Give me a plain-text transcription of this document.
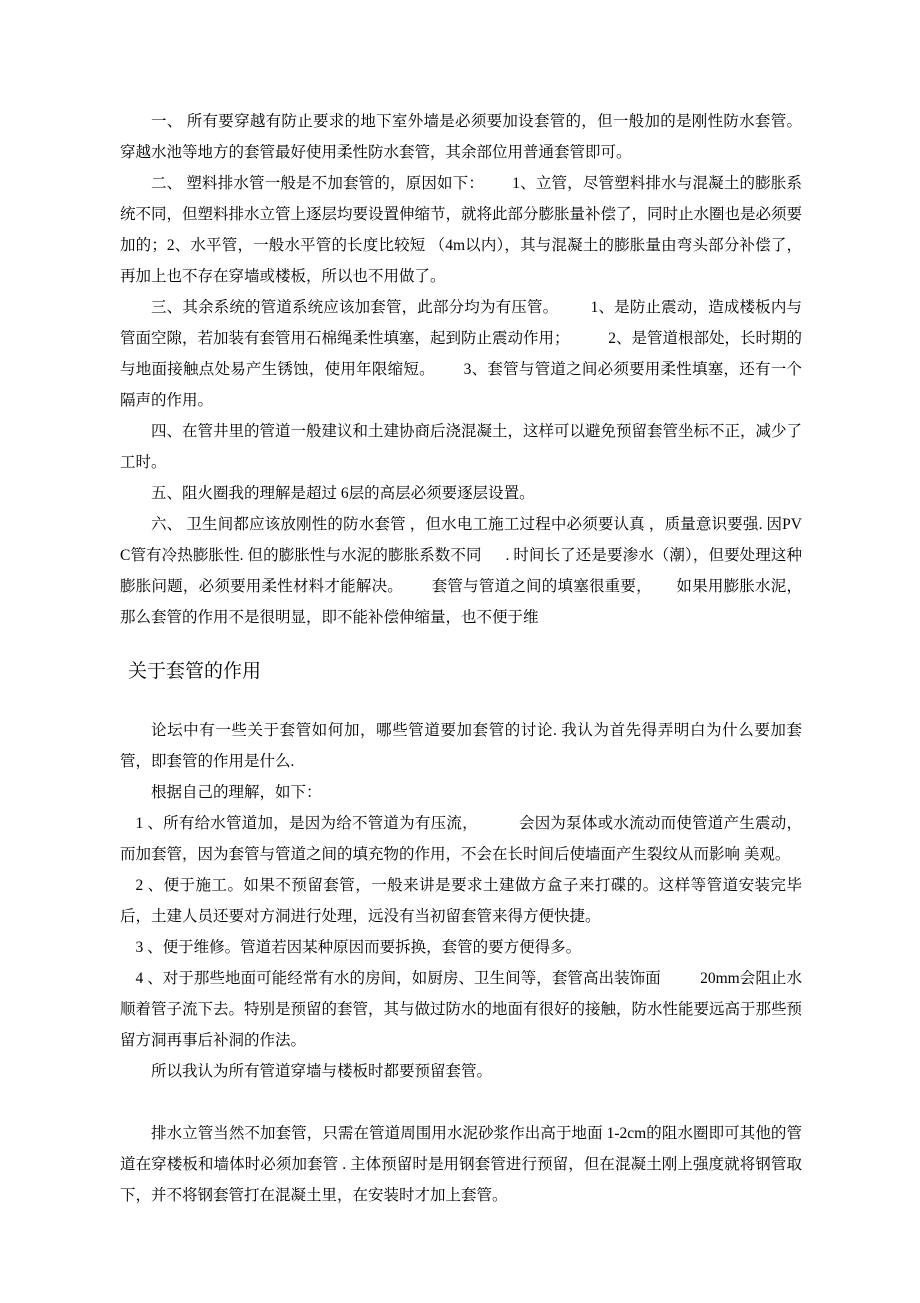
一、 所有要穿越有防止要求的地下室外墙是必须要加设套管的，但一般加的是刚性防水套管。穿越水池等地方的套管最好使用柔性防水套管，其余部位用普通套管即可。

二、 塑料排水管一般是不加套管的，原因如下：       1、立管，尽管塑料排水与混凝土的膨胀系统不同，但塑料排水立管上逐层均要设置伸缩节，就将此部分膨胀量补偿了，同时止水圈也是必须要加的；2、水平管，一般水平管的长度比较短 （4m以内），其与混凝土的膨胀量由弯头部分补偿了，再加上也不存在穿墙或楼板，所以也不用做了。

三、其余系统的管道系统应该加套管，此部分均为有压管。        1、是防止震动，造成楼板内与管面空隙，若加装有套管用石棉绳柔性填塞，起到防止震动作用；          2、是管道根部处，长时期的与地面接触点处易产生锈蚀，使用年限缩短。       3、套管与管道之间必须要用柔性填塞，还有一个隔声的作用。

四、在管井里的管道一般建议和土建协商后浇混凝土，这样可以避免预留套管坐标不正，减少了工时。

五、阻火圈我的理解是超过 6层的高层必须要逐层设置。

六、 卫生间都应该放刚性的防水套管 ，但水电工施工过程中必须要认真 ，质量意识要强. 因PVC管有冷热膨胀性. 但的膨胀性与水泥的膨胀系数不同      . 时间长了还是要渗水（潮），但要处理这种膨胀问题，必须要用柔性材料才能解决。       套管与管道之间的填塞很重要，      如果用膨胀水泥，那么套管的作用不是很明显，即不能补偿伸缩量，也不便于维

关于套管的作用

论坛中有一些关于套管如何加，哪些管道要加套管的讨论. 我认为首先得弄明白为什么要加套管，即套管的作用是什么.

根据自己的理解，如下：

1 、所有给水管道加，是因为给不管道为有压流，          会因为泵体或水流动而使管道产生震动，而加套管，因为套管与管道之间的填充物的作用，不会在长时间后使墙面产生裂纹从而影响 美观。

2 、便于施工。如果不预留套管，一般来讲是要求土建做方盒子来打碟的。这样等管道安装完毕后，土建人员还要对方洞进行处理，远没有当初留套管来得方便快捷。

3 、便于维修。管道若因某种原因而要拆换，套管的要方便得多。

4 、对于那些地面可能经常有水的房间，如厨房、卫生间等，套管高出装饰面          20mm会阻止水顺着管子流下去。特别是预留的套管，其与做过防水的地面有很好的接触，防水性能要远高于那些预留方洞再事后补洞的作法。

所以我认为所有管道穿墙与楼板时都要预留套管。

排水立管当然不加套管，只需在管道周围用水泥砂浆作出高于地面 1-2cm的阻水圈即可其他的管道在穿楼板和墙体时必须加套管 . 主体预留时是用钢套管进行预留，但在混凝土刚上强度就将钢管取下，并不将钢套管打在混凝土里，在安装时才加上套管。
